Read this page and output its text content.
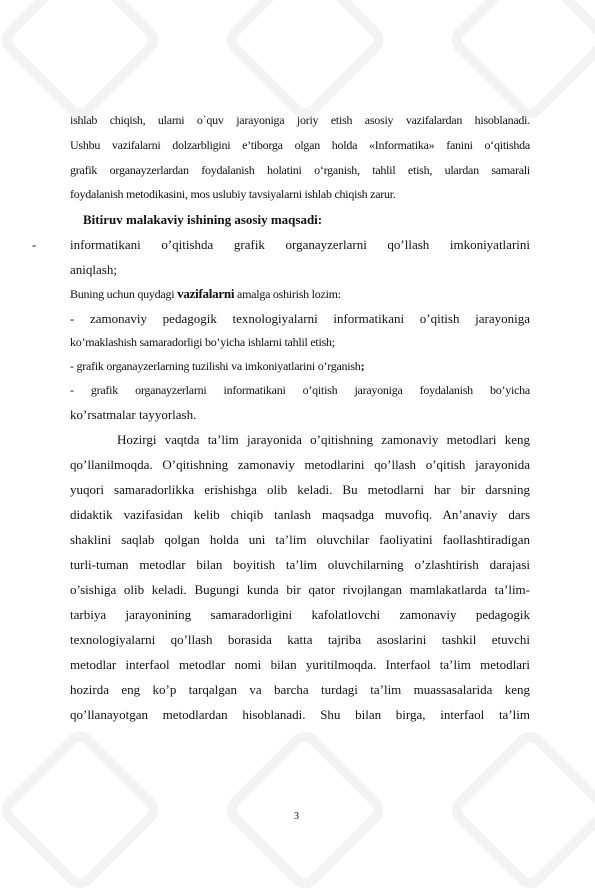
ishlab chiqish, ularni o`quv jarayoniga joriy etish asosiy vazifalardan hisoblanadi.
Ushbu vazifalarni dolzarbligini e’tiborga olgan holda «Informatika» fanini o‘qitishda
grafik organayzerlardan foydalanish holatini o‘rganish, tahlil etish, ulardan samarali
foydalanish metodikasini, mos uslubiy tavsiyalarni ishlab chiqish zarur.
Bitiruv malakaviy ishining asosiy maqsadi:
-	informatikani o’qitishda grafik organayzerlarni qo’llash imkoniyatlarini
aniqlash;
Buning uchun quydagi vazifalarni amalga oshirish lozim:
- zamonaviy pedagogik texnologiyalarni informatikani o’qitish jarayoniga
ko’maklashish samaradorligi bo’yicha ishlarni tahlil etish;
- grafik organayzerlarning tuzilishi va imkoniyatlarini o’rganish;
- grafik organayzerlarni informatikani o’qitish jarayoniga foydalanish bo’yicha
ko’rsatmalar tayyorlash.
Hozirgi vaqtda ta’lim jarayonida o’qitishning zamonaviy metodlari keng
qo’llanilmoqda. O’qitishning zamonaviy metodlarini qo’llash o’qitish jarayonida
yuqori samaradorlikka erishishga olib keladi. Bu metodlarni har bir darsning
didaktik vazifasidan kelib chiqib tanlash maqsadga muvofiq. An’anaviy dars
shaklini saqlab qolgan holda uni ta’lim oluvchilar faoliyatini faollashtiradigan
turli-tuman metodlar bilan boyitish ta’lim oluvchilarning o’zlashtirish darajasi
o’sishiga olib keladi. Bugungi kunda bir qator rivojlangan mamlakatlarda ta’lim-
tarbiya jarayonining samaradorligini kafolatlovchi zamonaviy pedagogik
texnologiyalarni qo’llash borasida katta tajriba asoslarini tashkil etuvchi
metodlar interfaol metodlar nomi bilan yuritilmoqda. Interfaol ta’lim metodlari
hozirda eng ko’p tarqalgan va barcha turdagi ta’lim muassasalarida keng
qo’llanayotgan metodlardan hisoblanadi. Shu bilan birga, interfaol ta’lim
3
